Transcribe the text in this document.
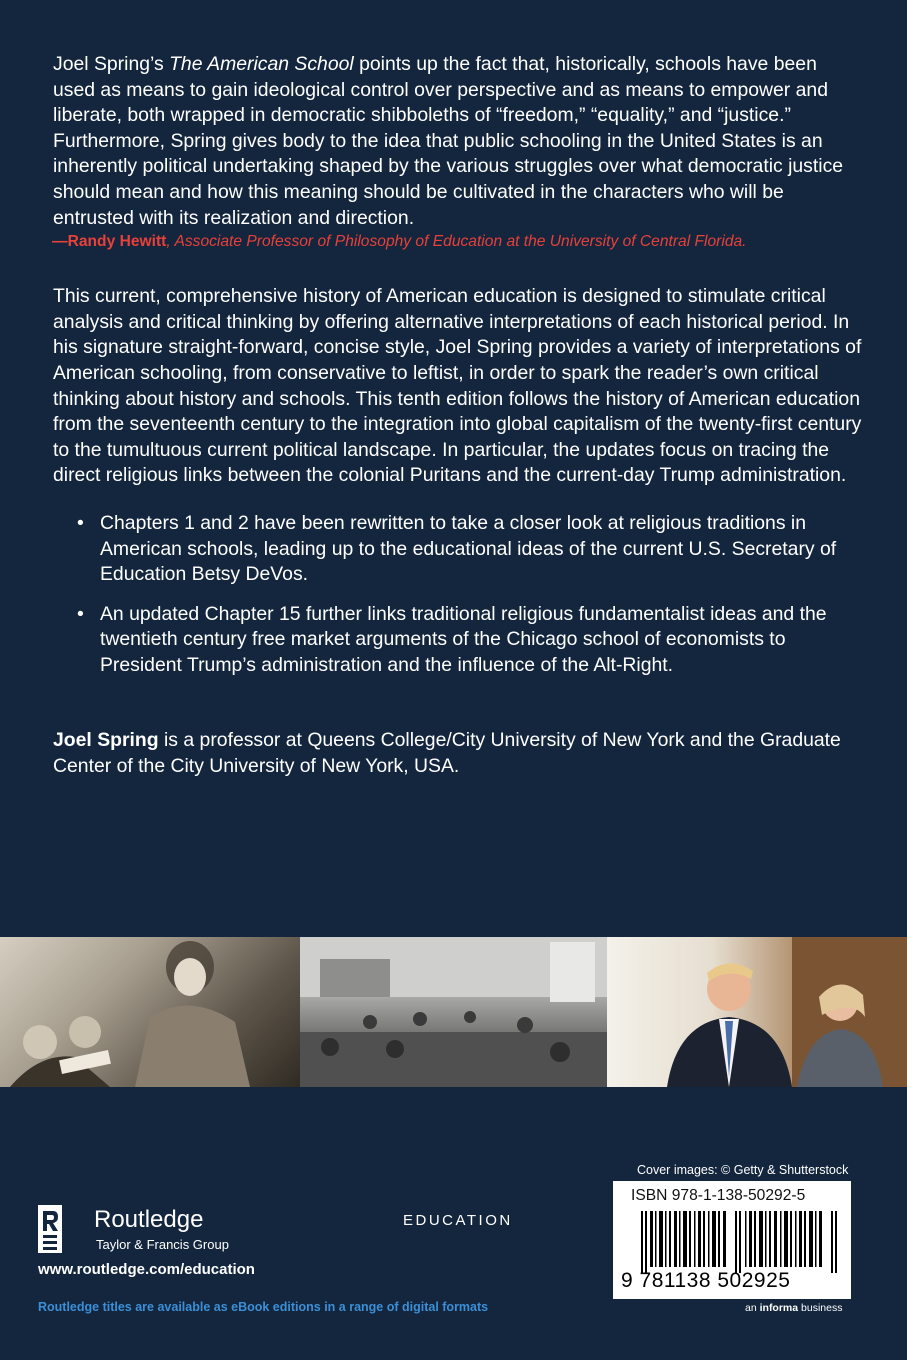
Joel Spring’s The American School points up the fact that, historically, schools have been used as means to gain ideological control over perspective and as means to empower and liberate, both wrapped in democratic shibboleths of “freedom,” “equality,” and “justice.” Furthermore, Spring gives body to the idea that public schooling in the United States is an inherently political undertaking shaped by the various struggles over what democratic justice should mean and how this meaning should be cultivated in the characters who will be entrusted with its realization and direction.

—Randy Hewitt, Associate Professor of Philosophy of Education at the University of Central Florida.

This current, comprehensive history of American education is designed to stimulate critical analysis and critical thinking by offering alternative interpretations of each historical period. In his signature straight-forward, concise style, Joel Spring provides a variety of interpretations of American schooling, from conservative to leftist, in order to spark the reader’s own critical thinking about history and schools. This tenth edition follows the history of American education from the seventeenth century to the integration into global capitalism of the twenty-first century to the tumultuous current political landscape. In particular, the updates focus on tracing the direct religious links between the colonial Puritans and the current-day Trump administration.

• Chapters 1 and 2 have been rewritten to take a closer look at religious traditions in American schools, leading up to the educational ideas of the current U.S. Secretary of Education Betsy DeVos.
• An updated Chapter 15 further links traditional religious fundamentalist ideas and the twentieth century free market arguments of the Chicago school of economists to President Trump’s administration and the influence of the Alt-Right.

Joel Spring is a professor at Queens College/City University of New York and the Graduate Center of the City University of New York, USA.

Cover images: © Getty & Shutterstock
ISBN 978-1-138-50292-5
9 781138 502925
an informa business
Routledge
Taylor & Francis Group
www.routledge.com/education
Routledge titles are available as eBook editions in a range of digital formats
EDUCATION
